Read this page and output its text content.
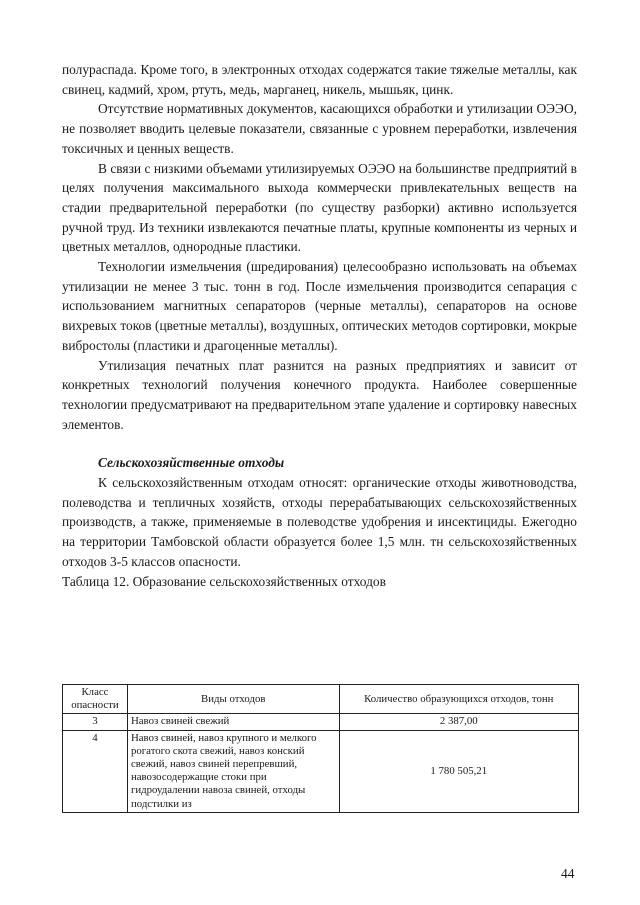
полураспада. Кроме того, в электронных отходах содержатся такие тяжелые металлы, как свинец, кадмий, хром, ртуть, медь, марганец, никель, мышьяк, цинк.

Отсутствие нормативных документов, касающихся обработки и утилизации ОЭЭО, не позволяет вводить целевые показатели, связанные с уровнем переработки, извлечения токсичных и ценных веществ.

В связи с низкими объемами утилизируемых ОЭЭО на большинстве предприятий в целях получения максимального выхода коммерчески привлекательных веществ на стадии предварительной переработки (по существу разборки) активно используется ручной труд. Из техники извлекаются печатные платы, крупные компоненты из черных и цветных металлов, однородные пластики.

Технологии измельчения (шредирования) целесообразно использовать на объемах утилизации не менее 3 тыс. тонн в год. После измельчения производится сепарация с использованием магнитных сепараторов (черные металлы), сепараторов на основе вихревых токов (цветные металлы), воздушных, оптических методов сортировки, мокрые вибростолы (пластики и драгоценные металлы).

Утилизация печатных плат разнится на разных предприятиях и зависит от конкретных технологий получения конечного продукта. Наиболее совершенные технологии предусматривают на предварительном этапе удаление и сортировку навесных элементов.

Сельскохозяйственные отходы

К сельскохозяйственным отходам относят: органические отходы животноводства, полеводства и тепличных хозяйств, отходы перерабатывающих сельскохозяйственных производств, а также, применяемые в полеводстве удобрения и инсектициды. Ежегодно на территории Тамбовской области образуется более 1,5 млн. тн сельскохозяйственных отходов 3-5 классов опасности.

Таблица 12. Образование сельскохозяйственных отходов

Класс опасности	Виды отходов	Количество образующихся отходов, тонн
3	Навоз свиней свежий	2 387,00
4	Навоз свиней, навоз крупного и мелкого рогатого скота свежий, навоз конский свежий, навоз свиней перепревший, навозосодержащие стоки при гидроудалении навоза свиней, отходы подстилки из	1 780 505,21
44
